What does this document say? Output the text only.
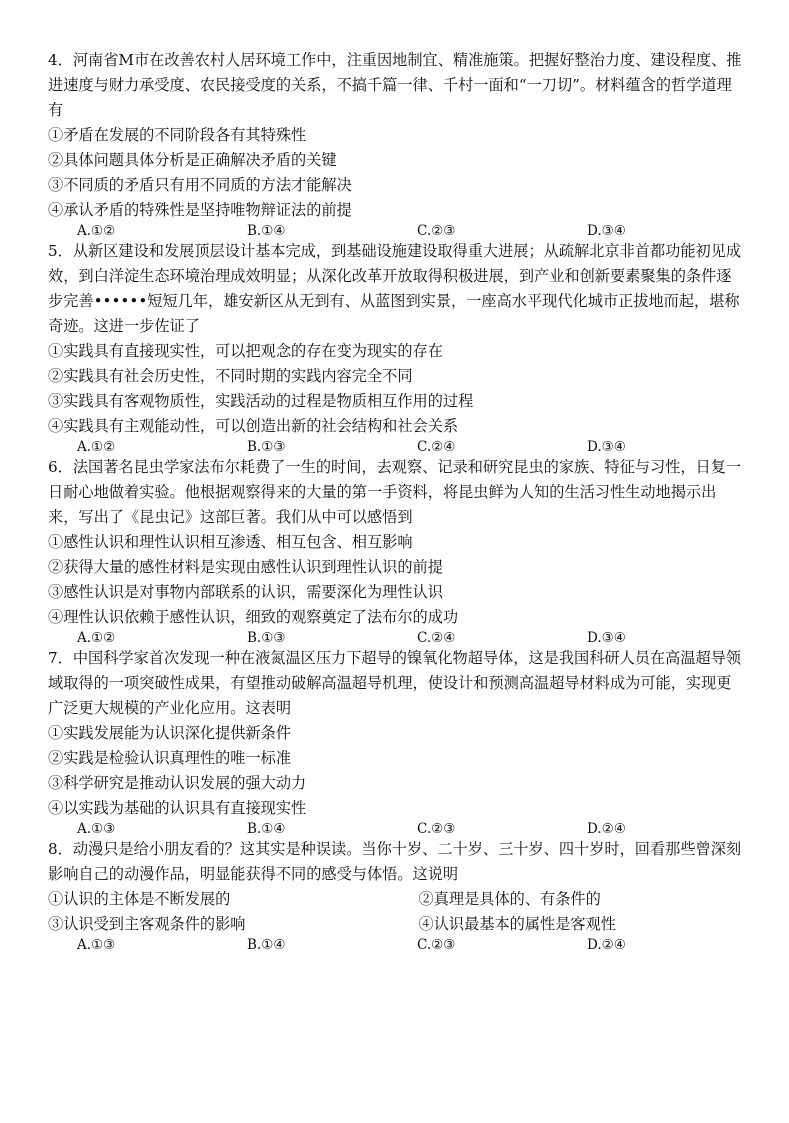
4．河南省M市在改善农村人居环境工作中，注重因地制宜、精准施策。把握好整治力度、建设程度、推进速度与财力承受度、农民接受度的关系，不搞千篇一律、千村一面和“一刀切”。材料蕴含的哲学道理有
①矛盾在发展的不同阶段各有其特殊性
②具体问题具体分析是正确解决矛盾的关键
③不同质的矛盾只有用不同质的方法才能解决
④承认矛盾的特殊性是坚持唯物辩证法的前提
A.①②	B.①④	C.②③	D.③④
5．从新区建设和发展顶层设计基本完成，到基础设施建设取得重大进展；从疏解北京非首都功能初见成效，到白洋淀生态环境治理成效明显；从深化改革开放取得积极进展，到产业和创新要素聚集的条件逐步完善••••••短短几年，雄安新区从无到有、从蓝图到实景，一座高水平现代化城市正拔地而起，堪称奇迹。这进一步佐证了
①实践具有直接现实性，可以把观念的存在变为现实的存在
②实践具有社会历史性，不同时期的实践内容完全不同
③实践具有客观物质性，实践活动的过程是物质相互作用的过程
④实践具有主观能动性，可以创造出新的社会结构和社会关系
A.①②	B.①③	C.②④	D.③④
6．法国著名昆虫学家法布尔耗费了一生的时间，去观察、记录和研究昆虫的家族、特征与习性，日复一日耐心地做着实验。他根据观察得来的大量的第一手资料，将昆虫鲜为人知的生活习性生动地揭示出来，写出了《昆虫记》这部巨著。我们从中可以感悟到
①感性认识和理性认识相互渗透、相互包含、相互影响
②获得大量的感性材料是实现由感性认识到理性认识的前提
③感性认识是对事物内部联系的认识，需要深化为理性认识
④理性认识依赖于感性认识，细致的观察奠定了法布尔的成功
A.①②	B.①③	C.②④	D.③④
7．中国科学家首次发现一种在液氮温区压力下超导的镍氧化物超导体，这是我国科研人员在高温超导领域取得的一项突破性成果，有望推动破解高温超导机理，使设计和预测高温超导材料成为可能，实现更广泛更大规模的产业化应用。这表明
①实践发展能为认识深化提供新条件
②实践是检验认识真理性的唯一标准
③科学研究是推动认识发展的强大动力
④以实践为基础的认识具有直接现实性
A.①③	B.①④	C.②③	D.②④
8．动漫只是给小朋友看的？这其实是种误读。当你十岁、二十岁、三十岁、四十岁时，回看那些曾深刻影响自己的动漫作品，明显能获得不同的感受与体悟。这说明
①认识的主体是不断发展的	②真理是具体的、有条件的
③认识受到主客观条件的影响	④认识最基本的属性是客观性
A.①③	B.①④	C.②③	D.②④
